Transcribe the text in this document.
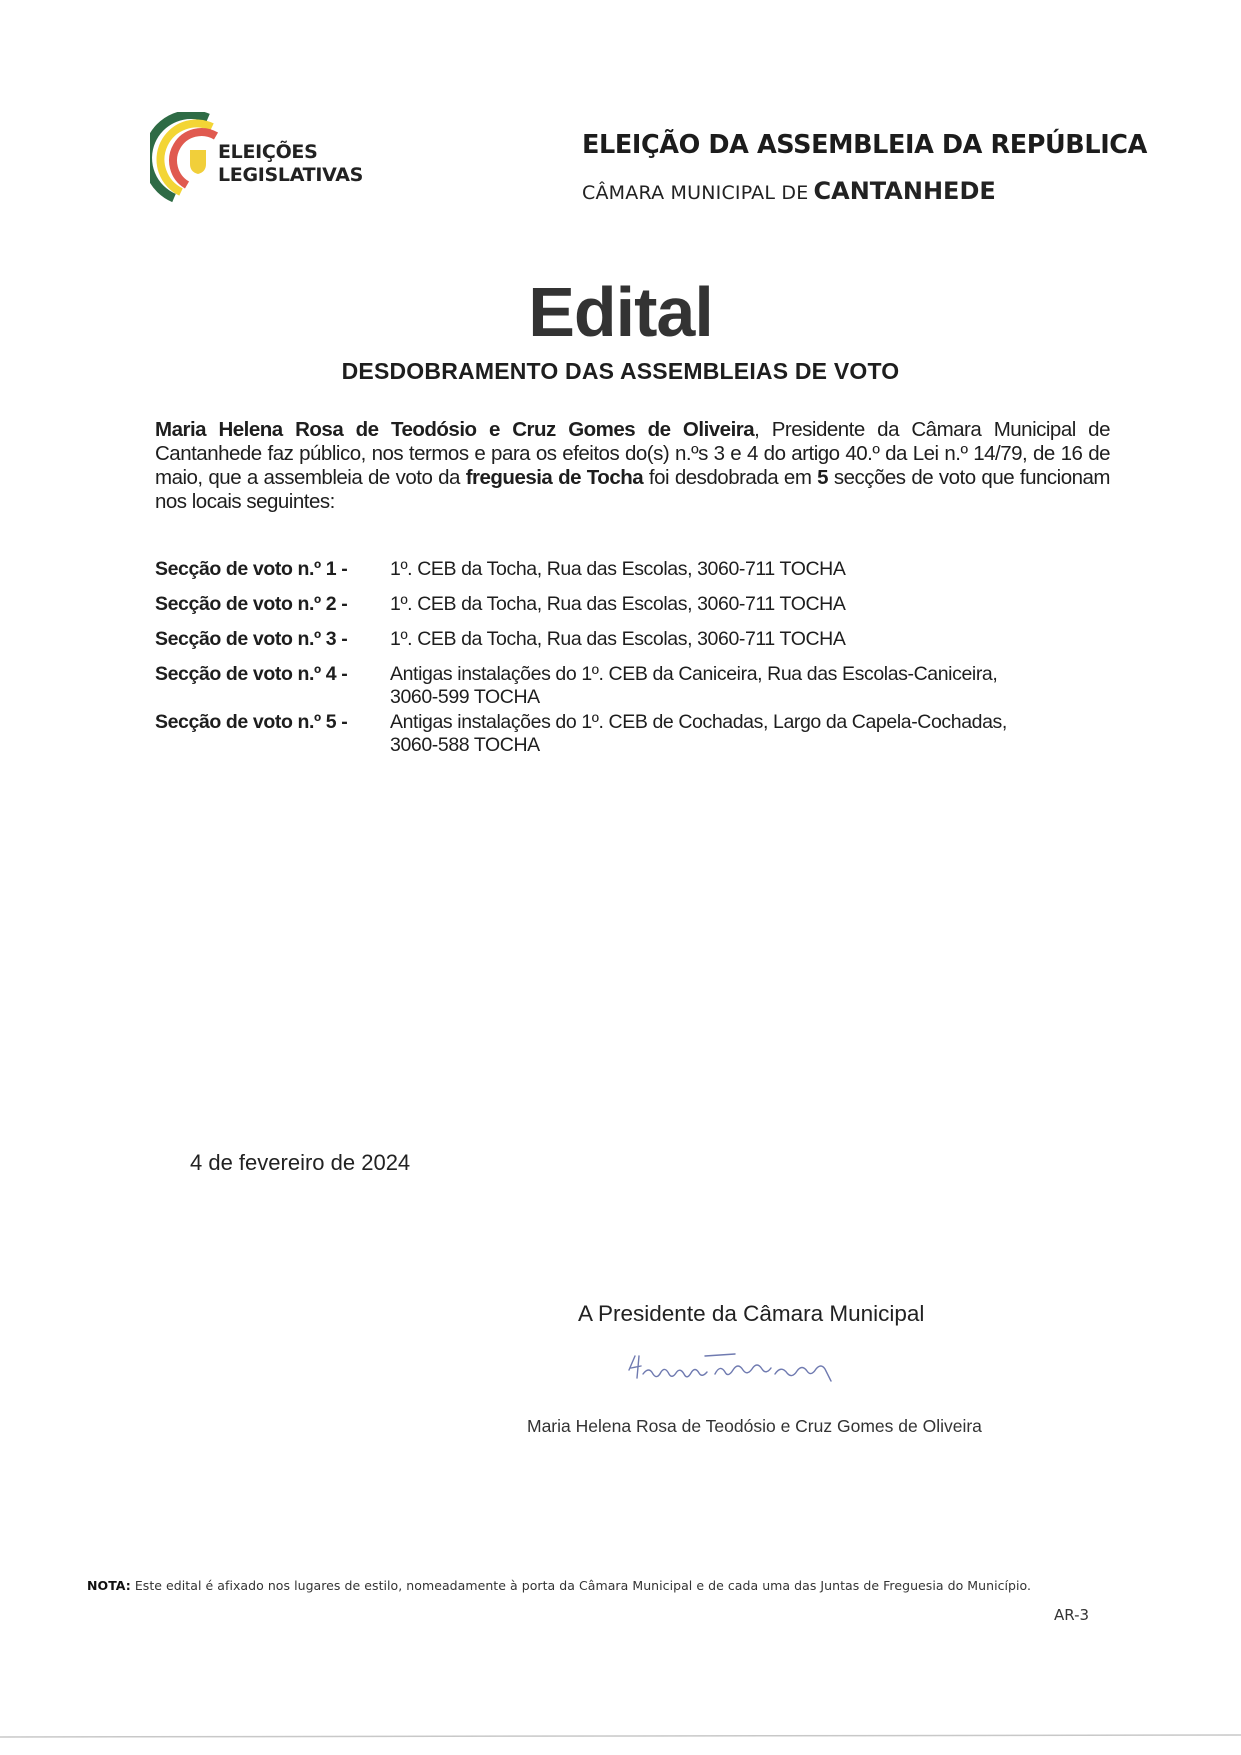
ELEIÇÕES
LEGISLATIVAS
ELEIÇÃO DA ASSEMBLEIA DA REPÚBLICA
CÂMARA MUNICIPAL DE CANTANHEDE
Edital
DESDOBRAMENTO DAS ASSEMBLEIAS DE VOTO
Maria Helena Rosa de Teodósio e Cruz Gomes de Oliveira, Presidente da Câmara Municipal de Cantanhede faz público, nos termos e para os efeitos do(s) n.ºs 3 e 4 do artigo 40.º da Lei n.º 14/79, de 16 de maio, que a assembleia de voto da freguesia de Tocha foi desdobrada em 5 secções de voto que funcionam nos locais seguintes:
Secção de voto n.º 1 -	1º. CEB da Tocha, Rua das Escolas, 3060-711 TOCHA
Secção de voto n.º 2 -	1º. CEB da Tocha, Rua das Escolas, 3060-711 TOCHA
Secção de voto n.º 3 -	1º. CEB da Tocha, Rua das Escolas, 3060-711 TOCHA
Secção de voto n.º 4 -	Antigas instalações do 1º. CEB da Caniceira, Rua das Escolas-Caniceira,
3060-599 TOCHA
Secção de voto n.º 5 -	Antigas instalações do 1º. CEB de Cochadas, Largo da Capela-Cochadas,
3060-588 TOCHA
4 de fevereiro de 2024
A Presidente da Câmara Municipal
Maria Helena Rosa de Teodósio e Cruz Gomes de Oliveira
NOTA: Este edital é afixado nos lugares de estilo, nomeadamente à porta da Câmara Municipal e de cada uma das Juntas de Freguesia do Município.
AR-3
